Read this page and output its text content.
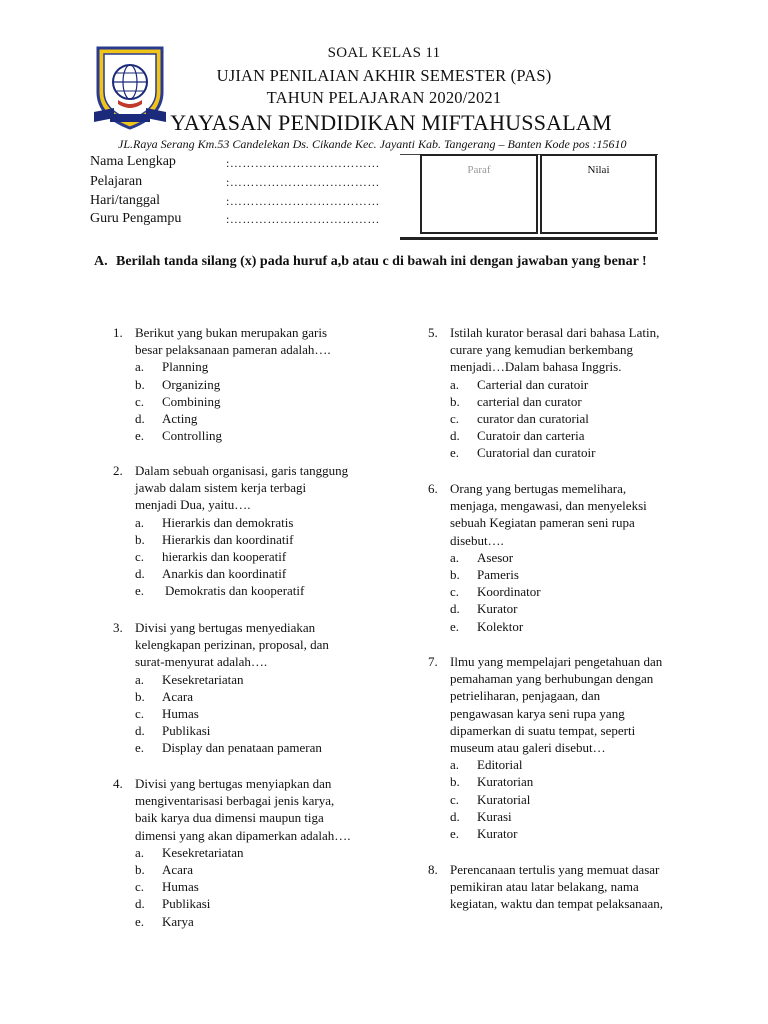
SOAL KELAS 11
UJIAN PENILAIAN AKHIR SEMESTER (PAS)
TAHUN PELAJARAN 2020/2021
YAYASAN PENDIDIKAN MIFTAHUSSALAM
JL.Raya Serang Km.53 Candelekan Ds. Cikande Kec. Jayanti Kab. Tangerang – Banten Kode pos :15610
Nama Lengkap	:………………………………
Pelajaran	:………………………………
Hari/tanggal	:………………………………
Guru Pengampu	:………………………………
Paraf	Nilai
A. Berilah tanda silang (x) pada huruf a,b atau c di bawah ini dengan jawaban yang benar !
1. Berikut yang bukan merupakan garis
besar pelaksanaan pameran adalah….
a. Planning
b. Organizing
c. Combining
d. Acting
e. Controlling
2. Dalam sebuah organisasi, garis tanggung
jawab dalam sistem kerja terbagi
menjadi Dua, yaitu….
a. Hierarkis dan demokratis
b. Hierarkis dan koordinatif
c. hierarkis dan kooperatif
d. Anarkis dan koordinatif
e. Demokratis dan kooperatif
3. Divisi yang bertugas menyediakan
kelengkapan perizinan, proposal, dan
surat-menyurat adalah….
a. Kesekretariatan
b. Acara
c. Humas
d. Publikasi
e. Display dan penataan pameran
4. Divisi yang bertugas menyiapkan dan
mengiventarisasi berbagai jenis karya,
baik karya dua dimensi maupun tiga
dimensi yang akan dipamerkan adalah….
a. Kesekretariatan
b. Acara
c. Humas
d. Publikasi
e. Karya
5. Istilah kurator berasal dari bahasa Latin,
curare yang kemudian berkembang
menjadi…Dalam bahasa Inggris.
a. Carterial dan curatoir
b. carterial dan curator
c. curator dan curatorial
d. Curatoir dan carteria
e. Curatorial dan curatoir
6. Orang yang bertugas memelihara,
menjaga, mengawasi, dan menyeleksi
sebuah Kegiatan pameran seni rupa
disebut….
a. Asesor
b. Pameris
c. Koordinator
d. Kurator
e. Kolektor
7. Ilmu yang mempelajari pengetahuan dan
pemahaman yang berhubungan dengan
petrieliharan, penjagaan, dan
pengawasan karya seni rupa yang
dipamerkan di suatu tempat, seperti
museum atau galeri disebut…
a. Editorial
b. Kuratorian
c. Kuratorial
d. Kurasi
e. Kurator
8. Perencanaan tertulis yang memuat dasar
pemikiran atau latar belakang, nama
kegiatan, waktu dan tempat pelaksanaan,
